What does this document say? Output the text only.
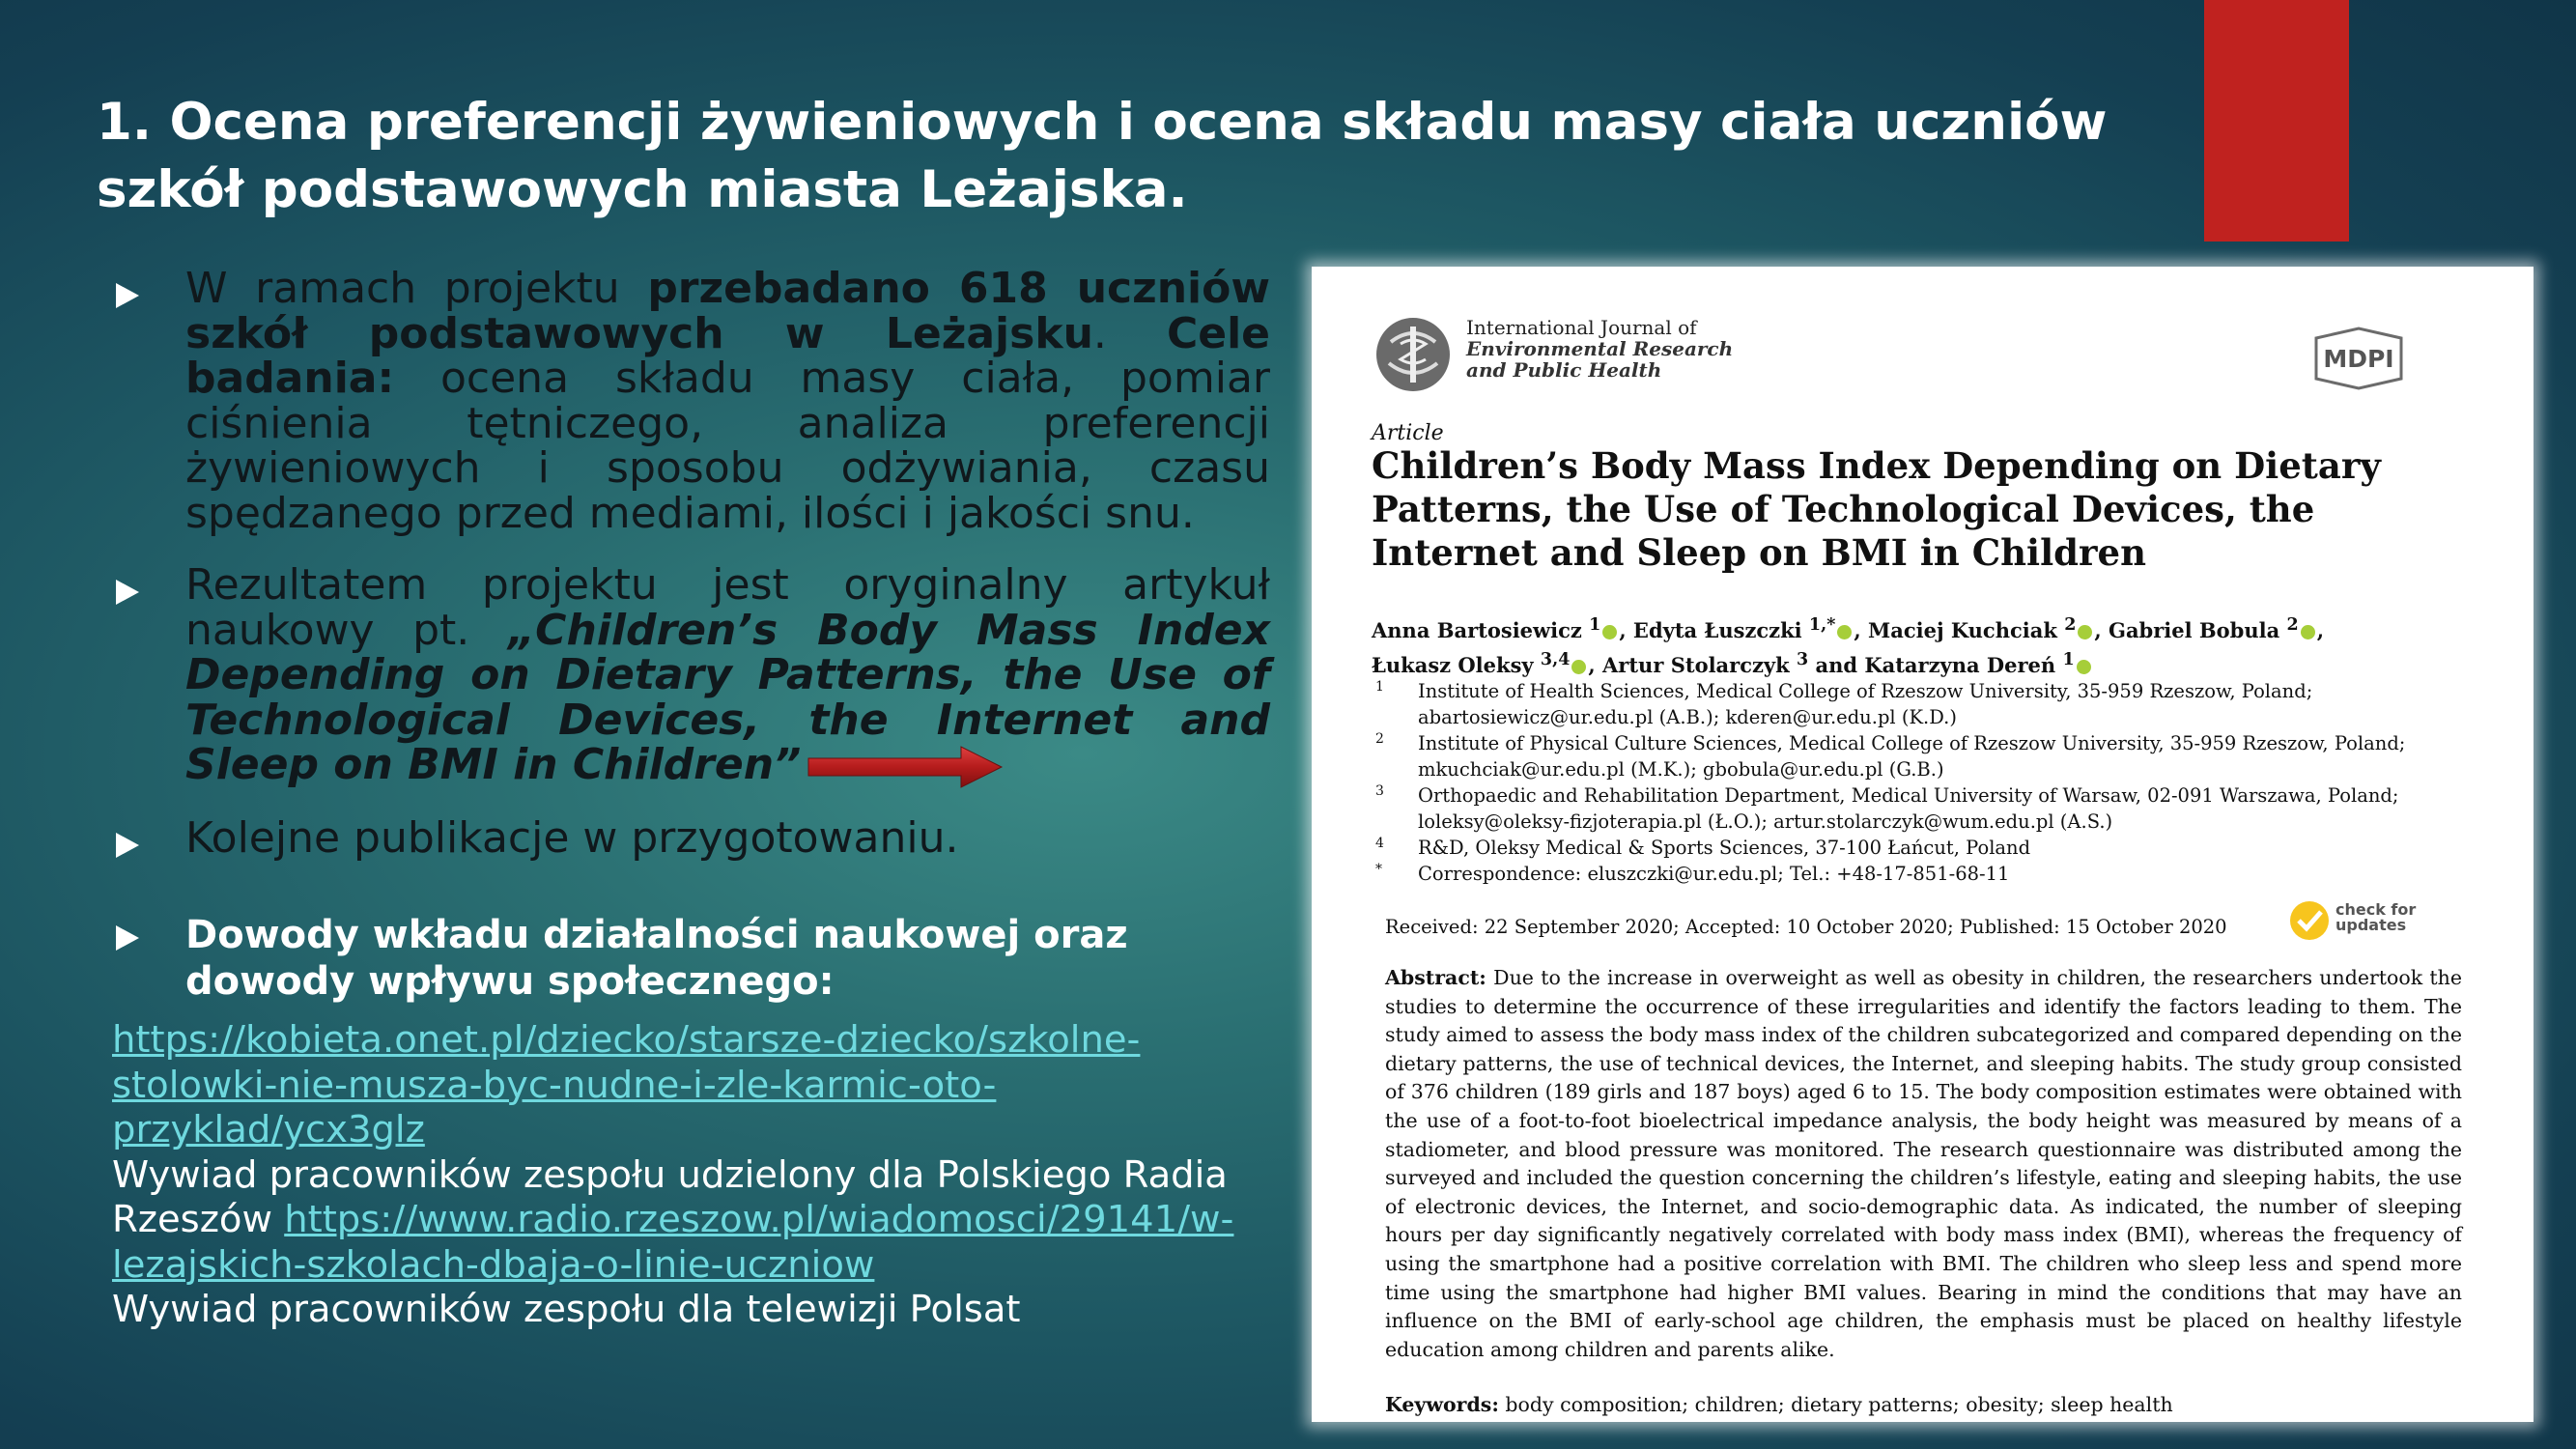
1. Ocena preferencji żywieniowych i ocena składu masy ciała uczniów szkół podstawowych miasta Leżajska.
W ramach projektu przebadano 618 uczniów szkół podstawowych w Leżajsku. Cele badania: ocena składu masy ciała, pomiar ciśnienia tętniczego, analiza preferencji żywieniowych i sposobu odżywiania, czasu spędzanego przed mediami, ilości i jakości snu.
Rezultatem projektu jest oryginalny artykuł naukowy pt. „Children’s Body Mass Index Depending on Dietary Patterns, the Use of Technological Devices, the Internet and Sleep on BMI in Children”
Kolejne publikacje w przygotowaniu.
Dowody wkładu działalności naukowej oraz dowody wpływu społecznego:
https://kobieta.onet.pl/dziecko/starsze-dziecko/szkolne-stolowki-nie-musza-byc-nudne-i-zle-karmic-oto-przyklad/ycx3glz
Wywiad pracowników zespołu udzielony dla Polskiego Radia Rzeszów https://www.radio.rzeszow.pl/wiadomosci/29141/w-lezajskich-szkolach-dbaja-o-linie-uczniow
Wywiad pracowników zespołu dla telewizji Polsat
International Journal of
Environmental Research
and Public Health	MDPI
Article
Children’s Body Mass Index Depending on Dietary Patterns, the Use of Technological Devices, the Internet and Sleep on BMI in Children
Anna Bartosiewicz $^1$ , Edyta Łuszczki $^{1,*}$ , Maciej Kuchciak $^2$ , Gabriel Bobula $^2$ ,
Łukasz Oleksy $^{3,4}$ , Artur Stolarczyk $^3$ and Katarzyna Dereń $^1$
1 Institute of Health Sciences, Medical College of Rzeszow University, 35-959 Rzeszow, Poland;
abartosiewicz@ur.edu.pl (A.B.); kderen@ur.edu.pl (K.D.)
2 Institute of Physical Culture Sciences, Medical College of Rzeszow University, 35-959 Rzeszow, Poland;
mkuchciak@ur.edu.pl (M.K.); gbobula@ur.edu.pl (G.B.)
3 Orthopaedic and Rehabilitation Department, Medical University of Warsaw, 02-091 Warszawa, Poland;
loleksy@oleksy-fizjoterapia.pl (Ł.O.); artur.stolarczyk@wum.edu.pl (A.S.)
4 R&D, Oleksy Medical & Sports Sciences, 37-100 Łańcut, Poland
* Correspondence: eluszczki@ur.edu.pl; Tel.: +48-17-851-68-11
Received: 22 September 2020; Accepted: 10 October 2020; Published: 15 October 2020
check for
updates
Abstract: Due to the increase in overweight as well as obesity in children, the researchers undertook the studies to determine the occurrence of these irregularities and identify the factors leading to them. The study aimed to assess the body mass index of the children subcategorized and compared depending on the dietary patterns, the use of technical devices, the Internet, and sleeping habits. The study group consisted of 376 children (189 girls and 187 boys) aged 6 to 15. The body composition estimates were obtained with the use of a foot-to-foot bioelectrical impedance analysis, the body height was measured by means of a stadiometer, and blood pressure was monitored. The research questionnaire was distributed among the surveyed and included the question concerning the children’s lifestyle, eating and sleeping habits, the use of electronic devices, the Internet, and socio-demographic data. As indicated, the number of sleeping hours per day significantly negatively correlated with body mass index (BMI), whereas the frequency of using the smartphone had a positive correlation with BMI. The children who sleep less and spend more time using the smartphone had higher BMI values. Bearing in mind the conditions that may have an influence on the BMI of early-school age children, the emphasis must be placed on healthy lifestyle education among children and parents alike.
Keywords: body composition; children; dietary patterns; obesity; sleep health
